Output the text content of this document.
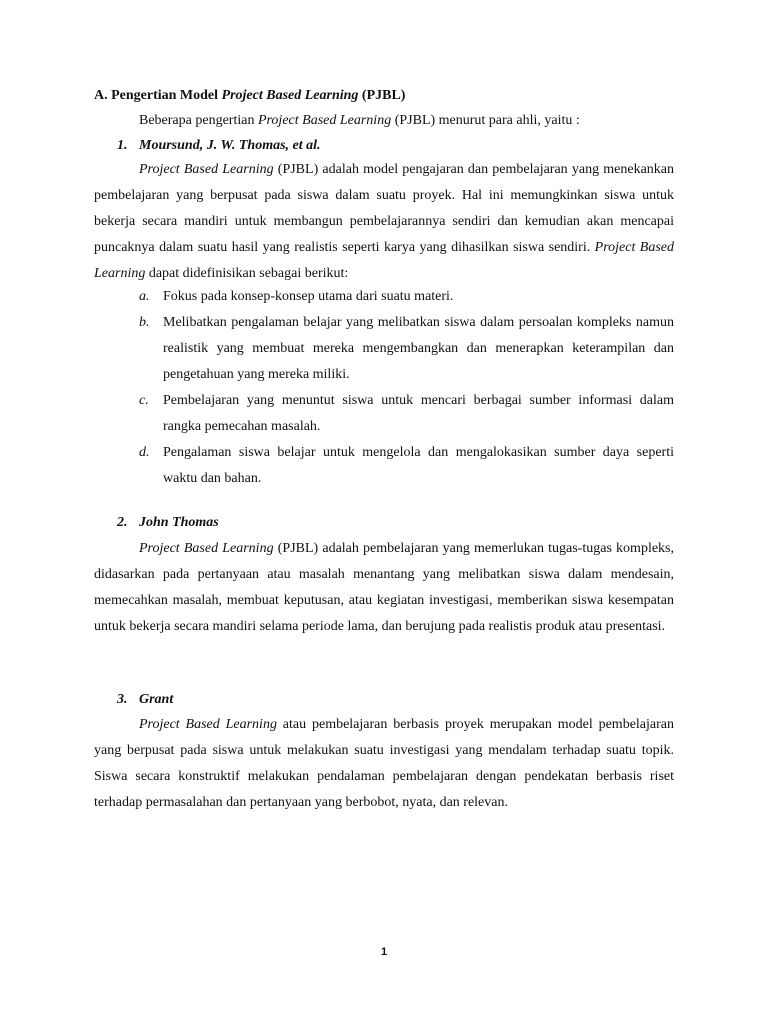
A. Pengertian Model Project Based Learning (PJBL)
Beberapa pengertian Project Based Learning (PJBL) menurut para ahli, yaitu :
1. Moursund, J. W. Thomas, et al.

Project Based Learning (PJBL) adalah model pengajaran dan pembelajaran yang menekankan pembelajaran yang berpusat pada siswa dalam suatu proyek. Hal ini memungkinkan siswa untuk bekerja secara mandiri untuk membangun pembelajarannya sendiri dan kemudian akan mencapai puncaknya dalam suatu hasil yang realistis seperti karya yang dihasilkan siswa sendiri. Project Based Learning dapat didefinisikan sebagai berikut:

a. Fokus pada konsep-konsep utama dari suatu materi.
b. Melibatkan pengalaman belajar yang melibatkan siswa dalam persoalan kompleks namun realistik yang membuat mereka mengembangkan dan menerapkan keterampilan dan pengetahuan yang mereka miliki.
c. Pembelajaran yang menuntut siswa untuk mencari berbagai sumber informasi dalam rangka pemecahan masalah.
d. Pengalaman siswa belajar untuk mengelola dan mengalokasikan sumber daya seperti waktu dan bahan.
2. John Thomas

Project Based Learning (PJBL) adalah pembelajaran yang memerlukan tugas-tugas kompleks, didasarkan pada pertanyaan atau masalah menantang yang melibatkan siswa dalam mendesain, memecahkan masalah, membuat keputusan, atau kegiatan investigasi, memberikan siswa kesempatan untuk bekerja secara mandiri selama periode lama, dan berujung pada realistis produk atau presentasi.

3. Grant

Project Based Learning atau pembelajaran berbasis proyek merupakan model pembelajaran yang berpusat pada siswa untuk melakukan suatu investigasi yang mendalam terhadap suatu topik. Siswa secara konstruktif melakukan pendalaman pembelajaran dengan pendekatan berbasis riset terhadap permasalahan dan pertanyaan yang berbobot, nyata, dan relevan.

1
